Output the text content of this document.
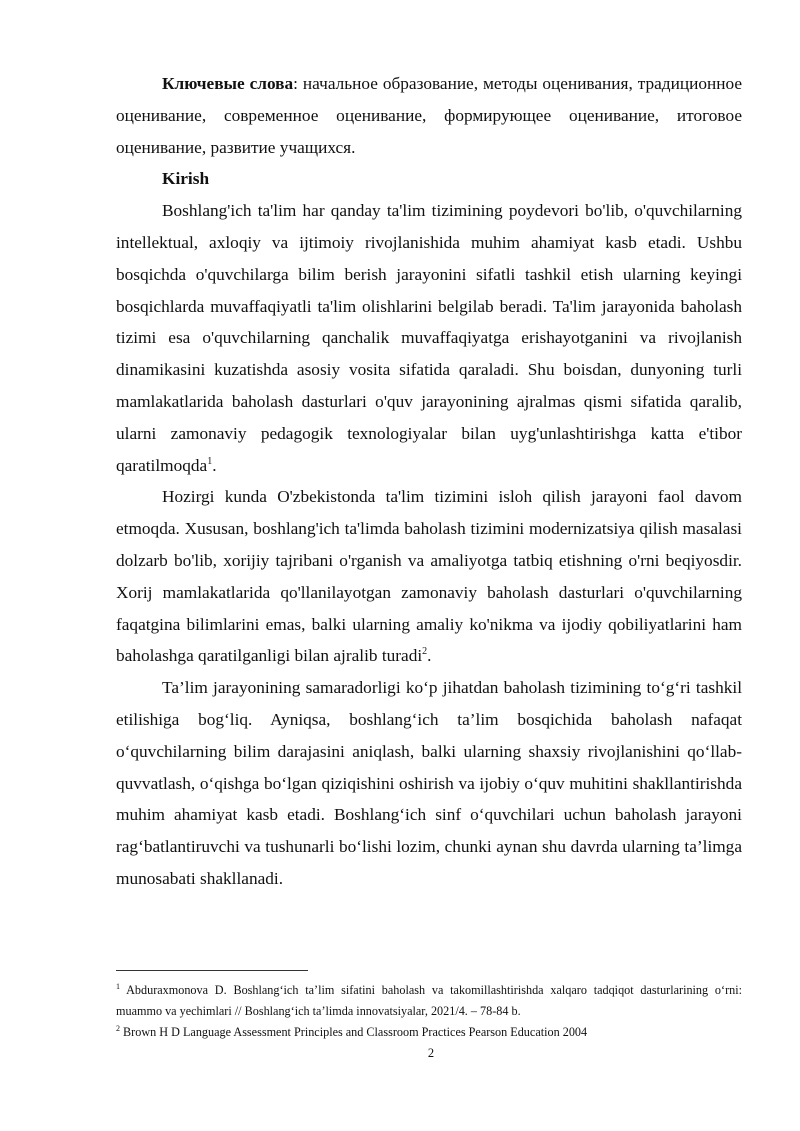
Ключевые слова: начальное образование, методы оценивания, традиционное оценивание, современное оценивание, формирующее оценивание, итоговое оценивание, развитие учащихся.

Kirish

Boshlang'ich ta'lim har qanday ta'lim tizimining poydevori bo'lib, o'quvchilarning intellektual, axloqiy va ijtimoiy rivojlanishida muhim ahamiyat kasb etadi. Ushbu bosqichda o'quvchilarga bilim berish jarayonini sifatli tashkil etish ularning keyingi bosqichlarda muvaffaqiyatli ta'lim olishlarini belgilab beradi. Ta'lim jarayonida baholash tizimi esa o'quvchilarning qanchalik muvaffaqiyatga erishayotganini va rivojlanish dinamikasini kuzatishda asosiy vosita sifatida qaraladi. Shu boisdan, dunyoning turli mamlakatlarida baholash dasturlari o'quv jarayonining ajralmas qismi sifatida qaralib, ularni zamonaviy pedagogik texnologiyalar bilan uyg'unlashtirishga katta e'tibor qaratilmoqda$^1$.

Hozirgi kunda O'zbekistonda ta'lim tizimini isloh qilish jarayoni faol davom etmoqda. Xususan, boshlang'ich ta'limda baholash tizimini modernizatsiya qilish masalasi dolzarb bo'lib, xorijiy tajribani o'rganish va amaliyotga tatbiq etishning o'rni beqiyosdir. Xorij mamlakatlarida qo'llanilayotgan zamonaviy baholash dasturlari o'quvchilarning faqatgina bilimlarini emas, balki ularning amaliy ko'nikma va ijodiy qobiliyatlarini ham baholashga qaratilganligi bilan ajralib turadi$^2$.

Ta’lim jarayonining samaradorligi ko‘p jihatdan baholash tizimining to‘g‘ri tashkil etilishiga bog‘liq. Ayniqsa, boshlang‘ich ta’lim bosqichida baholash nafaqat o‘quvchilarning bilim darajasini aniqlash, balki ularning shaxsiy rivojlanishini qo‘llab-quvvatlash, o‘qishga bo‘lgan qiziqishini oshirish va ijobiy o‘quv muhitini shakllantirishda muhim ahamiyat kasb etadi. Boshlang‘ich sinf o‘quvchilari uchun baholash jarayoni rag‘batlantiruvchi va tushunarli bo‘lishi lozim, chunki aynan shu davrda ularning ta’limga munosabati shakllanadi.

$^1$ Abduraxmonova D. Boshlang‘ich ta’lim sifatini baholash va takomillashtirishda xalqaro tadqiqot dasturlarining o‘rni: muammo va yechimlari // Boshlang‘ich ta’limda innovatsiyalar, 2021/4. – 78-84 b.

$^2$ Brown H D Language Assessment Principles and Classroom Practices Pearson Education 2004

2
